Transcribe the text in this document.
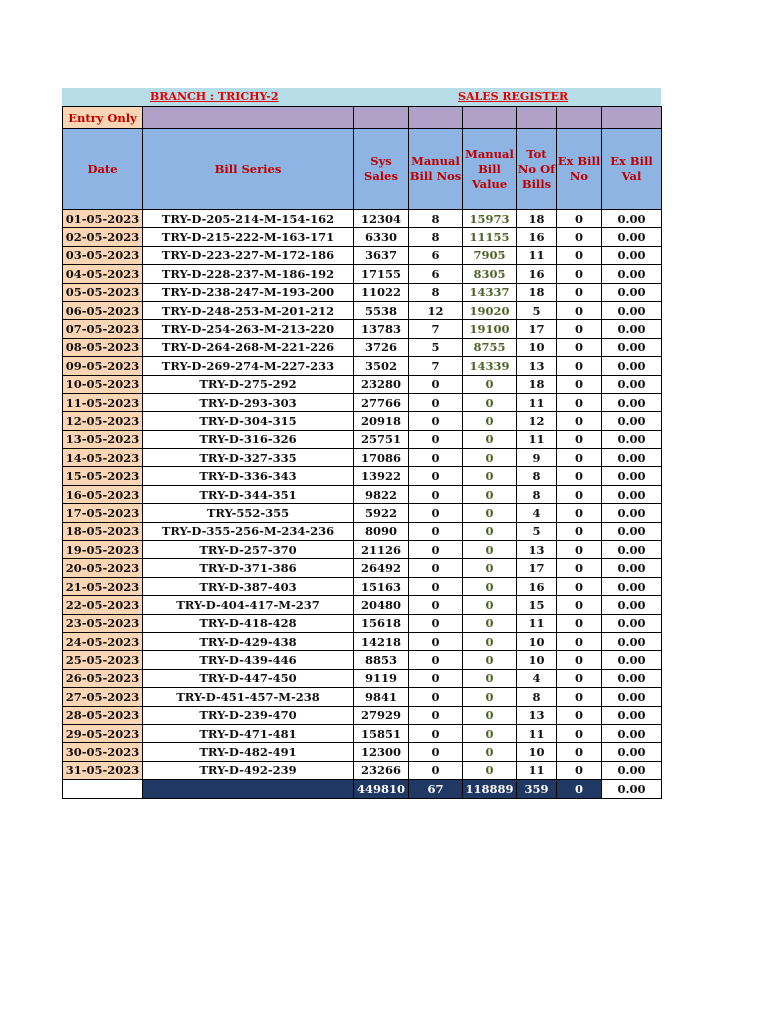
BRANCH : TRICHY-2	SALES REGISTER
Entry Only							
Date	Bill Series	Sys Sales	Manual Bill Nos	Manual Bill Value	Tot No Of Bills	Ex Bill No	Ex Bill Val
01-05-2023	TRY-D-205-214-M-154-162	12304	8	15973	18	0	0.00
02-05-2023	TRY-D-215-222-M-163-171	6330	8	11155	16	0	0.00
03-05-2023	TRY-D-223-227-M-172-186	3637	6	7905	11	0	0.00
04-05-2023	TRY-D-228-237-M-186-192	17155	6	8305	16	0	0.00
05-05-2023	TRY-D-238-247-M-193-200	11022	8	14337	18	0	0.00
06-05-2023	TRY-D-248-253-M-201-212	5538	12	19020	5	0	0.00
07-05-2023	TRY-D-254-263-M-213-220	13783	7	19100	17	0	0.00
08-05-2023	TRY-D-264-268-M-221-226	3726	5	8755	10	0	0.00
09-05-2023	TRY-D-269-274-M-227-233	3502	7	14339	13	0	0.00
10-05-2023	TRY-D-275-292	23280	0	0	18	0	0.00
11-05-2023	TRY-D-293-303	27766	0	0	11	0	0.00
12-05-2023	TRY-D-304-315	20918	0	0	12	0	0.00
13-05-2023	TRY-D-316-326	25751	0	0	11	0	0.00
14-05-2023	TRY-D-327-335	17086	0	0	9	0	0.00
15-05-2023	TRY-D-336-343	13922	0	0	8	0	0.00
16-05-2023	TRY-D-344-351	9822	0	0	8	0	0.00
17-05-2023	TRY-552-355	5922	0	0	4	0	0.00
18-05-2023	TRY-D-355-256-M-234-236	8090	0	0	5	0	0.00
19-05-2023	TRY-D-257-370	21126	0	0	13	0	0.00
20-05-2023	TRY-D-371-386	26492	0	0	17	0	0.00
21-05-2023	TRY-D-387-403	15163	0	0	16	0	0.00
22-05-2023	TRY-D-404-417-M-237	20480	0	0	15	0	0.00
23-05-2023	TRY-D-418-428	15618	0	0	11	0	0.00
24-05-2023	TRY-D-429-438	14218	0	0	10	0	0.00
25-05-2023	TRY-D-439-446	8853	0	0	10	0	0.00
26-05-2023	TRY-D-447-450	9119	0	0	4	0	0.00
27-05-2023	TRY-D-451-457-M-238	9841	0	0	8	0	0.00
28-05-2023	TRY-D-239-470	27929	0	0	13	0	0.00
29-05-2023	TRY-D-471-481	15851	0	0	11	0	0.00
30-05-2023	TRY-D-482-491	12300	0	0	10	0	0.00
31-05-2023	TRY-D-492-239	23266	0	0	11	0	0.00
		449810	67	118889	359	0	0.00
